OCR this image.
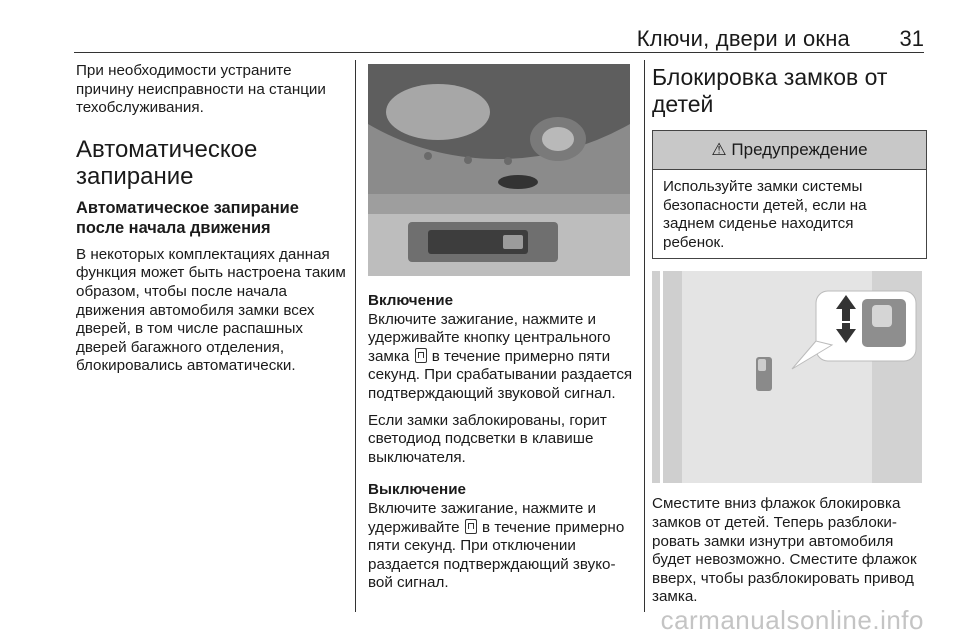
Ключи, двери и окна 31

При необходимости устраните причину неисправности на станции техобслуживания.

Автоматическое запирание
Автоматическое запирание после начала движения

В некоторых комплектациях данная функция может быть настроена таким образом, чтобы после начала движения автомобиля замки всех дверей, в том числе распашных дверей багажного отделения, блокировались автоматически.

Включение

Включите зажигание, нажмите и удерживайте кнопку центрального замка в течение примерно пяти секунд. При срабатывании раздается подтверждающий звуковой сигнал.

Если замки заблокированы, горит светодиод подсветки в клавише выключателя.

Выключение

Включите зажигание, нажмите и удерживайте в течение примерно пяти секунд. При отключении раздается подтверждающий звуковой сигнал.

Блокировка замков от детей
⚠ Предупреждение
Используйте замки системы безопасности детей, если на заднем сиденье находится ребенок.

Сместите вниз флажок блокировка замков от детей. Теперь разблокировать замки изнутри автомобиля будет невозможно. Сместите флажок вверх, чтобы разблокировать привод замка.

carmanualsonline.info
